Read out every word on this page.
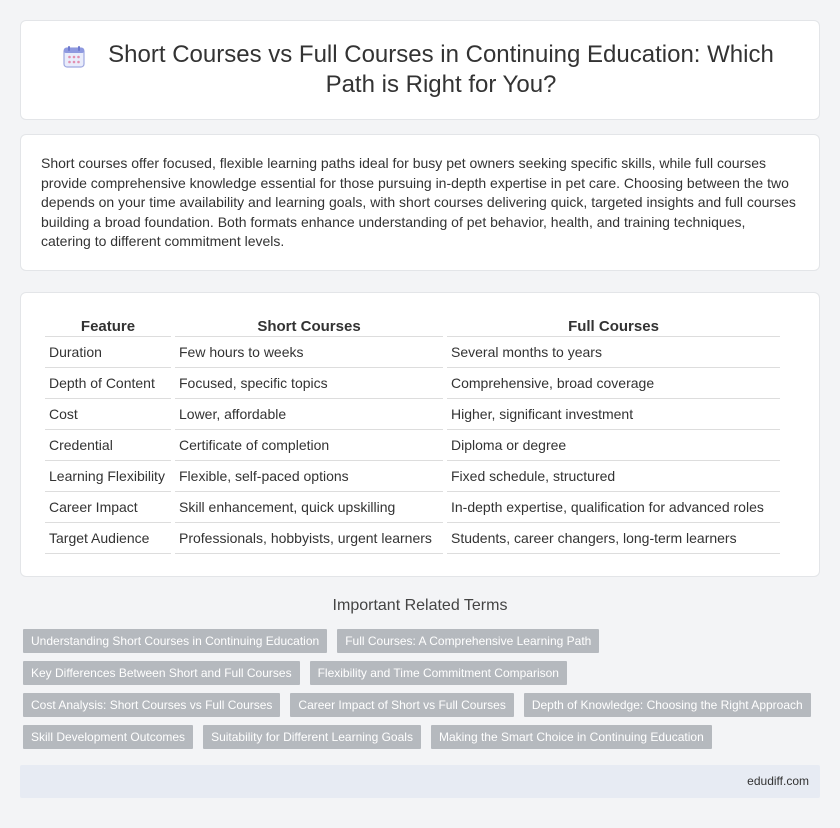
Short Courses vs Full Courses in Continuing Education: Which Path is Right for You?

Short courses offer focused, flexible learning paths ideal for busy pet owners seeking specific skills, while full courses provide comprehensive knowledge essential for those pursuing in-depth expertise in pet care. Choosing between the two depends on your time availability and learning goals, with short courses delivering quick, targeted insights and full courses building a broad foundation. Both formats enhance understanding of pet behavior, health, and training techniques, catering to different commitment levels.

Feature	Short Courses	Full Courses
Duration	Few hours to weeks	Several months to years
Depth of Content	Focused, specific topics	Comprehensive, broad coverage
Cost	Lower, affordable	Higher, significant investment
Credential	Certificate of completion	Diploma or degree
Learning Flexibility	Flexible, self-paced options	Fixed schedule, structured
Career Impact	Skill enhancement, quick upskilling	In-depth expertise, qualification for advanced roles
Target Audience	Professionals, hobbyists, urgent learners	Students, career changers, long-term learners
Important Related Terms
Understanding Short Courses in Continuing Education	Full Courses: A Comprehensive Learning Path
Key Differences Between Short and Full Courses	Flexibility and Time Commitment Comparison
Cost Analysis: Short Courses vs Full Courses	Career Impact of Short vs Full Courses	Depth of Knowledge: Choosing the Right Approach
Skill Development Outcomes	Suitability for Different Learning Goals	Making the Smart Choice in Continuing Education
edudiff.com
